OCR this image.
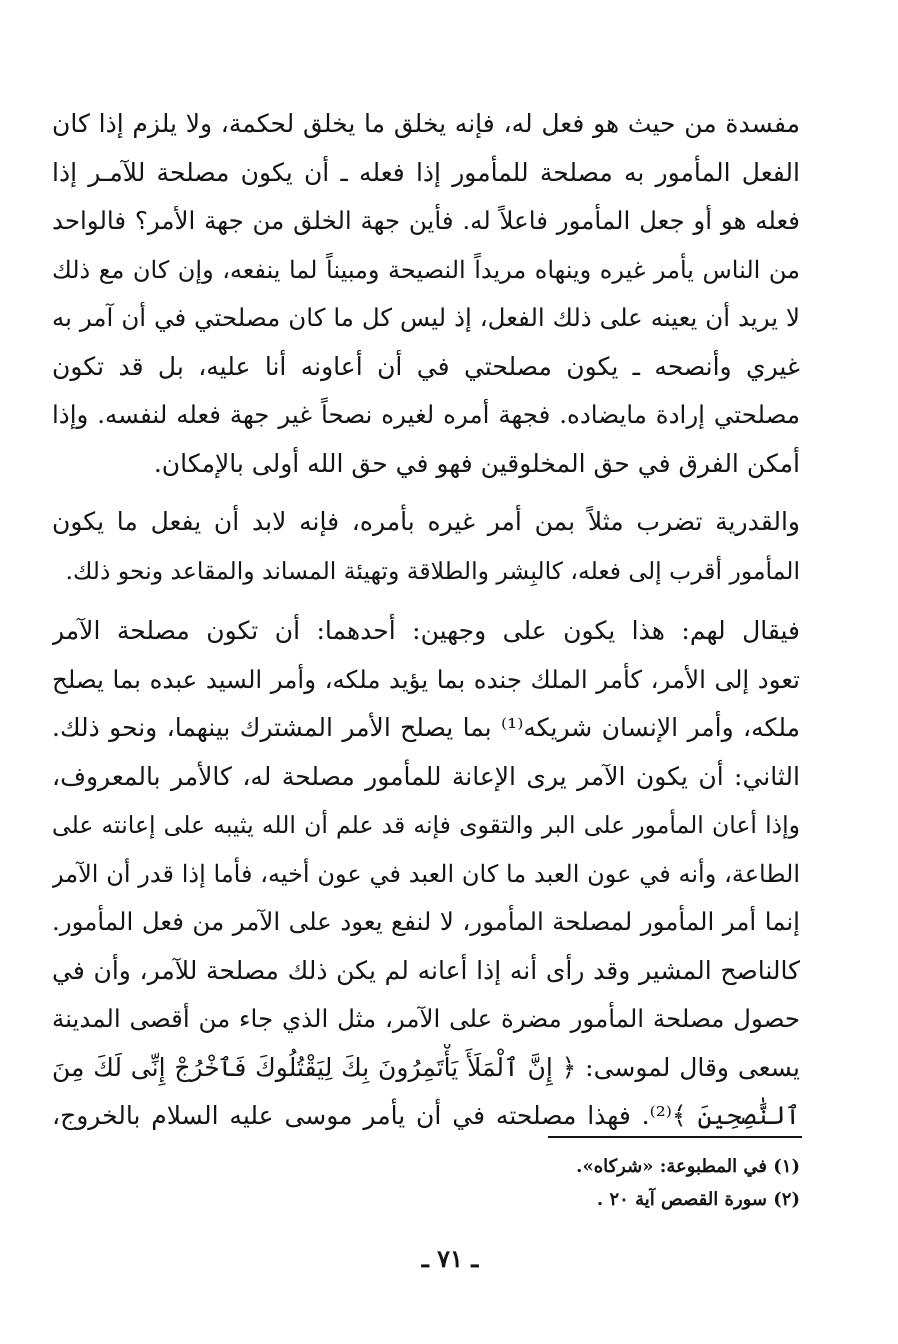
مفسدة من حيث هو فعل له، فإنه يخلق ما يخلق لحكمة، ولا يلزم إذا كان
الفعل المأمور به مصلحة للمأمور إذا فعله ـ أن يكون مصلحة للآمـر إذا
فعله هو أو جعل المأمور فاعلاً له. فأين جهة الخلق من جهة الأمر؟ فالواحد
من الناس يأمر غيره وينهاه مريداً النصيحة ومبيناً لما ينفعه، وإن كان مع ذلك
لا يريد أن يعينه على ذلك الفعل، إذ ليس كل ما كان مصلحتي في أن آمر به
غيري وأنصحه ـ يكون مصلحتي في أن أعاونه أنا عليه، بل قد تكون
مصلحتي إرادة مايضاده. فجهة أمره لغيره نصحاً غير جهة فعله لنفسه. وإذا
أمكن الفرق في حق المخلوقين فهو في حق الله أولى بالإمكان.
والقدرية تضرب مثلاً بمن أمر غيره بأمره، فإنه لابد أن يفعل ما يكون
المأمور أقرب إلى فعله، كالبِشر والطلاقة وتهيئة المساند والمقاعد ونحو ذلك.
فيقال لهم: هذا يكون على وجهين: أحدهما: أن تكون مصلحة الآمر
تعود إلى الأمر، كأمر الملك جنده بما يؤيد ملكه، وأمر السيد عبده بما يصلح
ملكه، وأمر الإنسان شريكه⁽¹⁾ بما يصلح الأمر المشترك بينهما، ونحو ذلك.
الثاني: أن يكون الآمر يرى الإعانة للمأمور مصلحة له، كالأمر بالمعروف،
وإذا أعان المأمور على البر والتقوى فإنه قد علم أن الله يثيبه على إعانته على
الطاعة، وأنه في عون العبد ما كان العبد في عون أخيه، فأما إذا قدر أن الآمر
إنما أمر المأمور لمصلحة المأمور، لا لنفع يعود على الآمر من فعل المأمور.
كالناصح المشير وقد رأى أنه إذا أعانه لم يكن ذلك مصلحة للآمر، وأن في
حصول مصلحة المأمور مضرة على الآمر، مثل الذي جاء من أقصى المدينة
يسعى وقال لموسى: ﴿ إِنَّ ٱلْمَلَأَ يَأْتَمِرُونَ بِكَ لِيَقْتُلُوكَ فَٱخْرُجْ إِنِّى لَكَ مِنَ
ٱلنَّٰصِحِينَ ﴾⁽²⁾. فهذا مصلحته في أن يأمر موسى عليه السلام بالخروج،
(١) في المطبوعة: «شركاه».
(٢) سورة القصص آية ٢٠ .
ـ ٧١ ـ
